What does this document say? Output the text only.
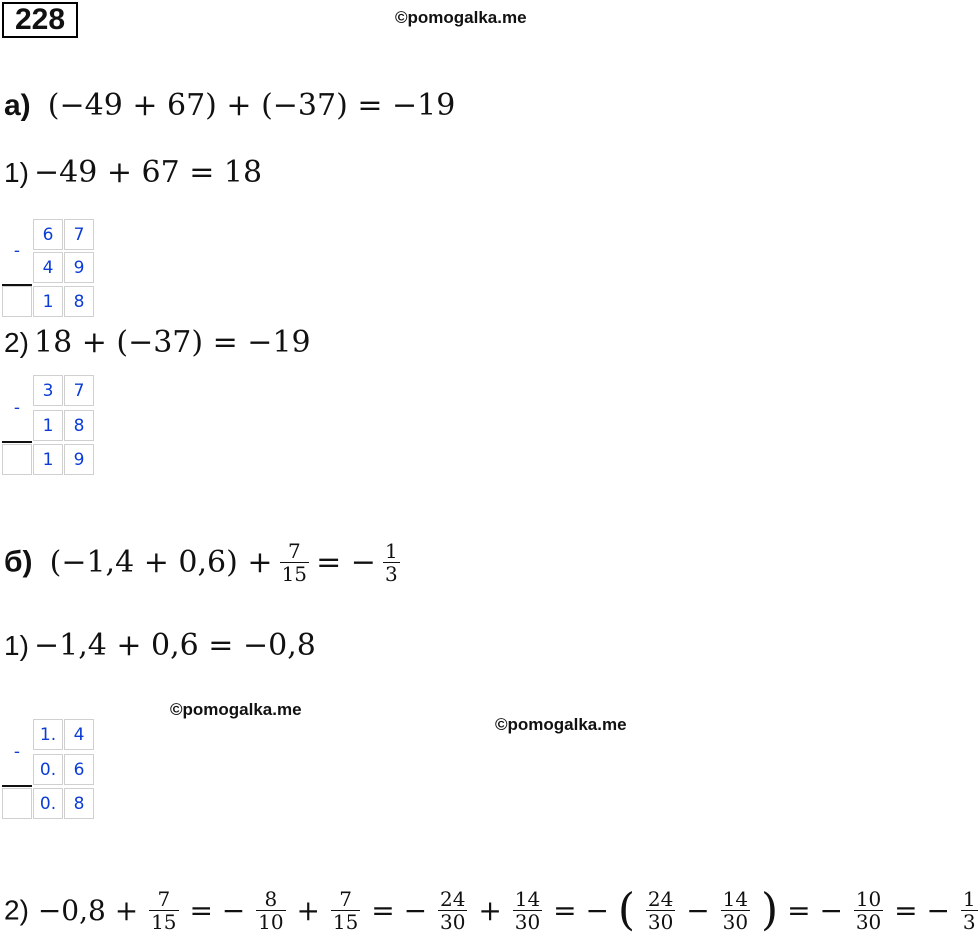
228	©pomogalka.me
а) (−49 + 67) + (−37) = −19
1) −49 + 67 = 18
-
6	7
4	9
1	8
2) 18 + (−37) = −19
-
3	7
1	8
1	9
б) $(-1,4 + 0,6) + \frac{7}{15}$ = − $\frac{1}{3}$
1) −1,4 + 0,6 = −0,8
©pomogalka.me
©pomogalka.me
-
1.	4
0.	6
0.	8
$2) -0,8 + \frac{7}{15}$ = − $\frac{8}{10} + \frac{7}{15}$ = − $\frac{24}{30} + \frac{14}{30}$ = − ( $\frac{24}{30} - \frac{14}{30}$ ) = − $\frac{10}{30}$ = − $\frac{1}{3}$
